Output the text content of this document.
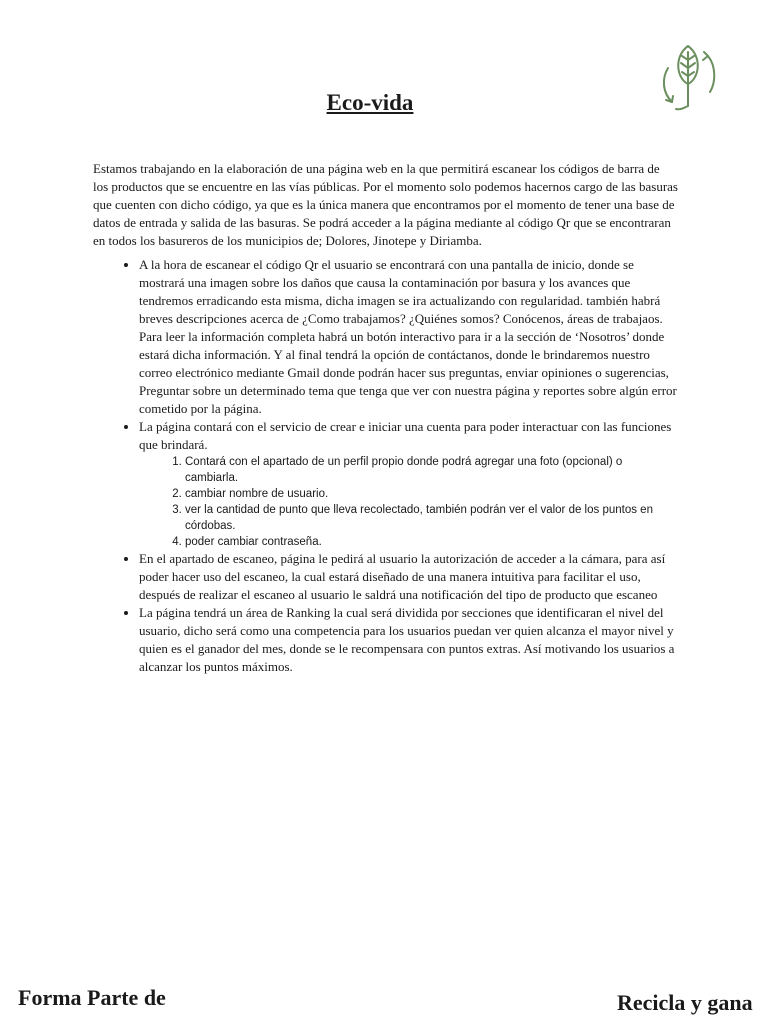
Eco-vida

Estamos trabajando en la elaboración de una página web en la que permitirá escanear los códigos de barra de los productos que se encuentre en las vías públicas. Por el momento solo podemos hacernos cargo de las basuras que cuenten con dicho código, ya que es la única manera que encontramos por el momento de tener una base de datos de entrada y salida de las basuras. Se podrá acceder a la página mediante al código Qr que se encontraran en todos los basureros de los municipios de; Dolores, Jinotepe y Diriamba.

• A la hora de escanear el código Qr el usuario se encontrará con una pantalla de inicio, donde se mostrará una imagen sobre los daños que causa la contaminación por basura y los avances que tendremos erradicando esta misma, dicha imagen se ira actualizando con regularidad. también habrá breves descripciones acerca de ¿Como trabajamos? ¿Quiénes somos? Conócenos, áreas de trabajaos. Para leer la información completa habrá un botón interactivo para ir a la sección de ‘Nosotros’ donde estará dicha información. Y al final tendrá la opción de contáctanos, donde le brindaremos nuestro correo electrónico mediante Gmail donde podrán hacer sus preguntas, enviar opiniones o sugerencias, Preguntar sobre un determinado tema que tenga que ver con nuestra página y reportes sobre algún error cometido por la página.
• La página contará con el servicio de crear e iniciar una cuenta para poder interactuar con las funciones que brindará.
1. Contará con el apartado de un perfil propio donde podrá agregar una foto (opcional) o cambiarla.
2. cambiar nombre de usuario.
3. ver la cantidad de punto que lleva recolectado, también podrán ver el valor de los puntos en córdobas.
4. poder cambiar contraseña.
• En el apartado de escaneo, página le pedirá al usuario la autorización de acceder a la cámara, para así poder hacer uso del escaneo, la cual estará diseñado de una manera intuitiva para facilitar el uso, después de realizar el escaneo al usuario le saldrá una notificación del tipo de producto que escaneo
• La página tendrá un área de Ranking la cual será dividida por secciones que identificaran el nivel del usuario, dicho será como una competencia para los usuarios puedan ver quien alcanza el mayor nivel y quien es el ganador del mes, donde se le recompensara con puntos extras. Así motivando los usuarios a alcanzar los puntos máximos.
Forma Parte de	Recicla y gana
